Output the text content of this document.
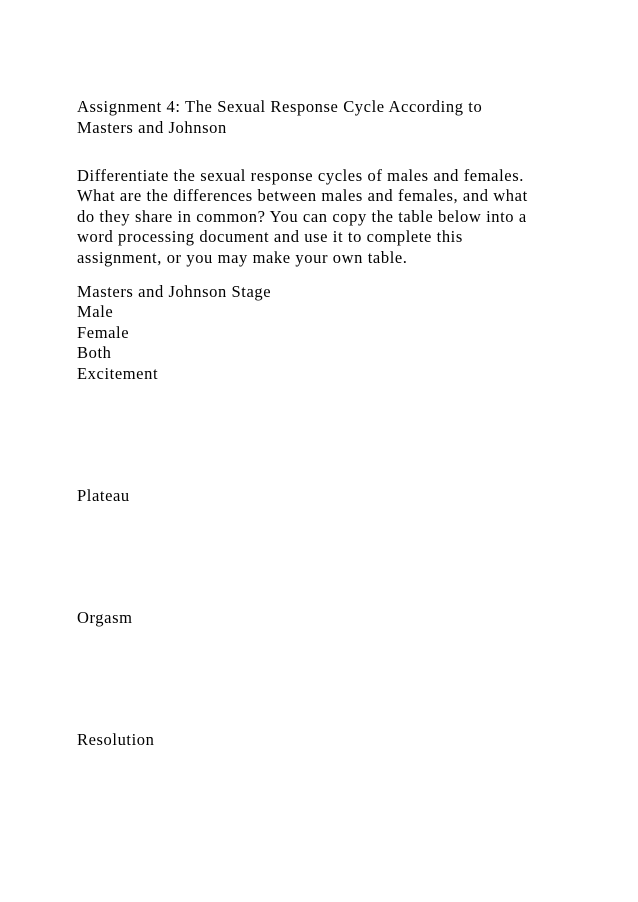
Assignment 4: The Sexual Response Cycle According to
Masters and Johnson
Differentiate the sexual response cycles of males and females.
What are the differences between males and females, and what
do they share in common? You can copy the table below into a
word processing document and use it to complete this
assignment, or you may make your own table.
Masters and Johnson Stage
Male
Female
Both
Excitement
Plateau
Orgasm
Resolution
